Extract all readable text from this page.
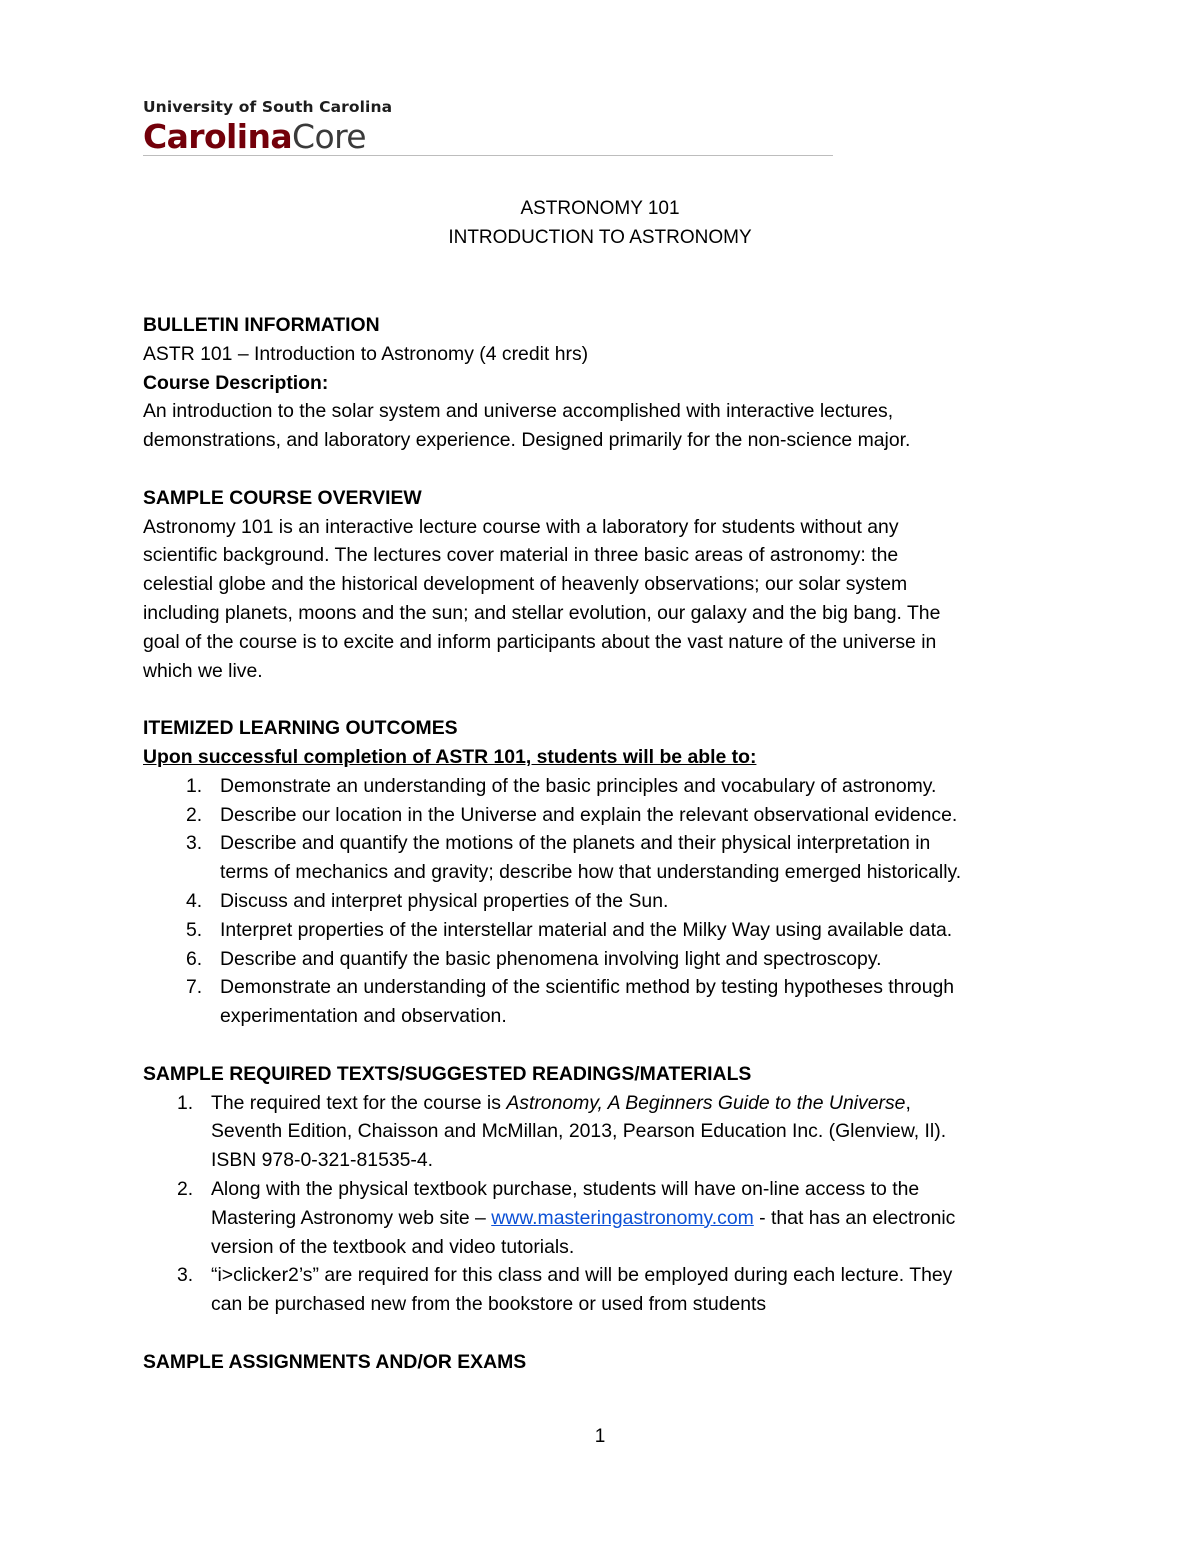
University of South Carolina
CarolinaCore
ASTRONOMY 101
INTRODUCTION TO ASTRONOMY

BULLETIN INFORMATION

ASTR 101 – Introduction to Astronomy (4 credit hrs)

Course Description:

An introduction to the solar system and universe accomplished with interactive lectures,

demonstrations, and laboratory experience. Designed primarily for the non-science major.

SAMPLE COURSE OVERVIEW

Astronomy 101 is an interactive lecture course with a laboratory for students without any

scientific background. The lectures cover material in three basic areas of astronomy: the

celestial globe and the historical development of heavenly observations; our solar system

including planets, moons and the sun; and stellar evolution, our galaxy and the big bang. The

goal of the course is to excite and inform participants about the vast nature of the universe in

which we live.

ITEMIZED LEARNING OUTCOMES

Upon successful completion of ASTR 101, students will be able to:

1. Demonstrate an understanding of the basic principles and vocabulary of astronomy.
2. Describe our location in the Universe and explain the relevant observational evidence.
3. Describe and quantify the motions of the planets and their physical interpretation in
terms of mechanics and gravity; describe how that understanding emerged historically.
4. Discuss and interpret physical properties of the Sun.
5. Interpret properties of the interstellar material and the Milky Way using available data.
6. Describe and quantify the basic phenomena involving light and spectroscopy.
7. Demonstrate an understanding of the scientific method by testing hypotheses through
experimentation and observation.

SAMPLE REQUIRED TEXTS/SUGGESTED READINGS/MATERIALS

1. The required text for the course is Astronomy, A Beginners Guide to the Universe,
Seventh Edition, Chaisson and McMillan, 2013, Pearson Education Inc. (Glenview, Il).
ISBN 978-0-321-81535-4.
2. Along with the physical textbook purchase, students will have on-line access to the
Mastering Astronomy web site – www.masteringastronomy.com - that has an electronic
version of the textbook and video tutorials.
3. “i>clicker2’s” are required for this class and will be employed during each lecture. They
can be purchased new from the bookstore or used from students

SAMPLE ASSIGNMENTS AND/OR EXAMS

1
